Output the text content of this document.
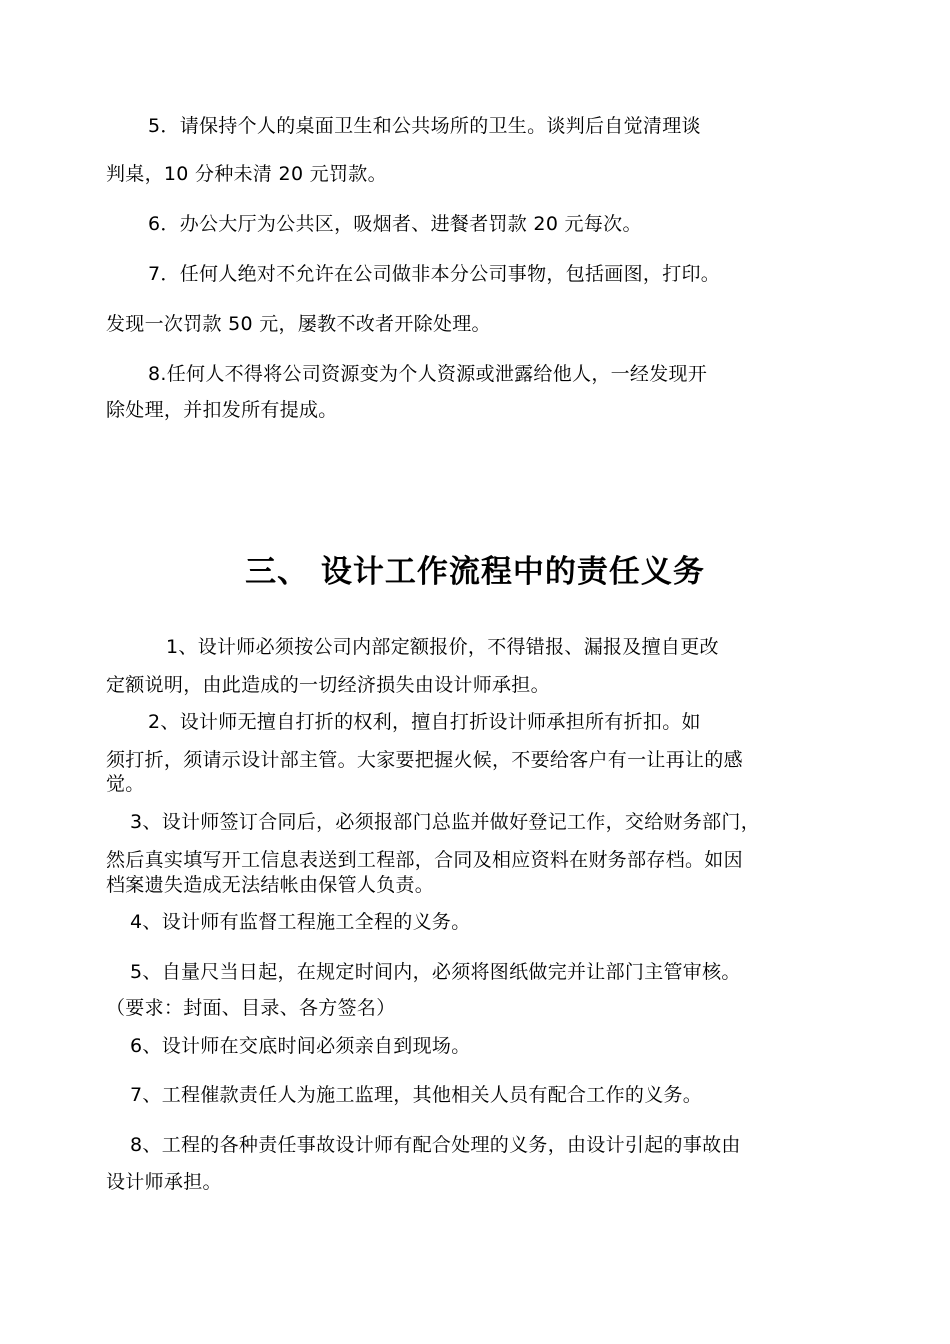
5．请保持个人的桌面卫生和公共场所的卫生。谈判后自觉清理谈
判桌，10 分种未清 20 元罚款。
6．办公大厅为公共区，吸烟者、进餐者罚款 20 元每次。
7．任何人绝对不允许在公司做非本分公司事物，包括画图，打印。
发现一次罚款 50 元，屡教不改者开除处理。
8.任何人不得将公司资源变为个人资源或泄露给他人，一经发现开
除处理，并扣发所有提成。
三、 设计工作流程中的责任义务
1、设计师必须按公司内部定额报价，不得错报、漏报及擅自更改
定额说明，由此造成的一切经济损失由设计师承担。
2、设计师无擅自打折的权利，擅自打折设计师承担所有折扣。如
须打折，须请示设计部主管。大家要把握火候，不要给客户有一让再让的感
觉。
3、设计师签订合同后，必须报部门总监并做好登记工作，交给财务部门，
然后真实填写开工信息表送到工程部，合同及相应资料在财务部存档。如因
档案遗失造成无法结帐由保管人负责。
4、设计师有监督工程施工全程的义务。
5、自量尺当日起，在规定时间内，必须将图纸做完并让部门主管审核。
（要求：封面、目录、各方签名）
6、设计师在交底时间必须亲自到现场。
7、工程催款责任人为施工监理，其他相关人员有配合工作的义务。
8、工程的各种责任事故设计师有配合处理的义务，由设计引起的事故由
设计师承担。
